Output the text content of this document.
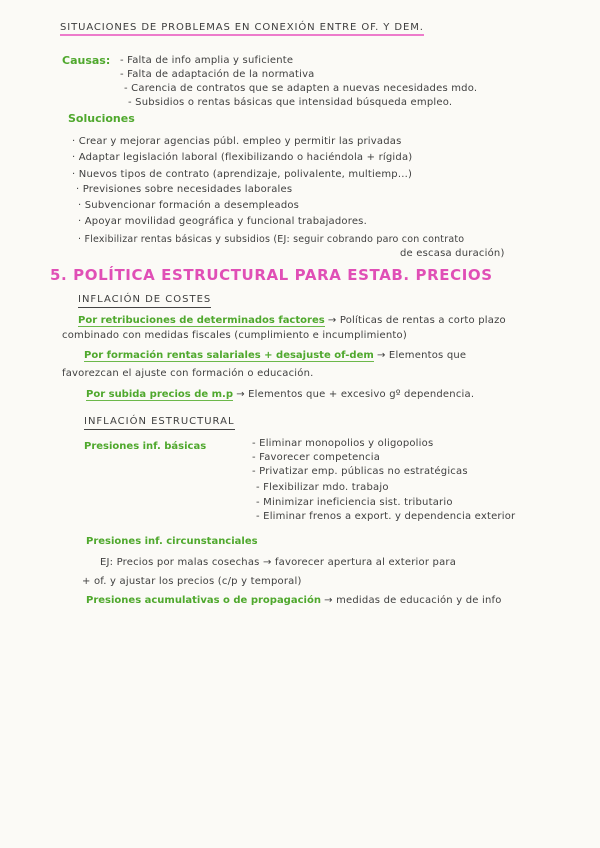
SITUACIONES DE PROBLEMAS EN CONEXIÓN ENTRE OF. Y DEM.
Causas: - Falta de info amplia y suficiente
- Falta de adaptación de la normativa
- Carencia de contratos que se adapten a nuevas necesidades mdo.
- Subsidios o rentas básicas que intensidad búsqueda empleo.
Soluciones
· Crear y mejorar agencias públ. empleo y permitir las privadas
· Adaptar legislación laboral (flexibilizando o haciéndola + rígida)
· Nuevos tipos de contrato (aprendizaje, polivalente, multiemp...)
· Previsiones sobre necesidades laborales
· Subvencionar formación a desempleados
· Apoyar movilidad geográfica y funcional trabajadores.
· Flexibilizar rentas básicas y subsidios (EJ: seguir cobrando paro con contrato
de escasa duración)
5. POLÍTICA ESTRUCTURAL PARA ESTAB. PRECIOS
INFLACIÓN DE COSTES
Por retribuciones de determinados factores → Políticas de rentas a corto plazo
combinado con medidas fiscales (cumplimiento e incumplimiento)
Por formación rentas salariales + desajuste of-dem → Elementos que
favorezcan el ajuste con formación o educación.
Por subida precios de m.p → Elementos que + excesivo gº dependencia.
INFLACIÓN ESTRUCTURAL
Presiones inf. básicas	- Eliminar monopolios y oligopolios
- Favorecer competencia
- Privatizar emp. públicas no estratégicas
- Flexibilizar mdo. trabajo
- Minimizar ineficiencia sist. tributario
- Eliminar frenos a export. y dependencia exterior
Presiones inf. circunstanciales
EJ: Precios por malas cosechas → favorecer apertura al exterior para
+ of. y ajustar los precios (c/p y temporal)
Presiones acumulativas o de propagación → medidas de educación y de info
